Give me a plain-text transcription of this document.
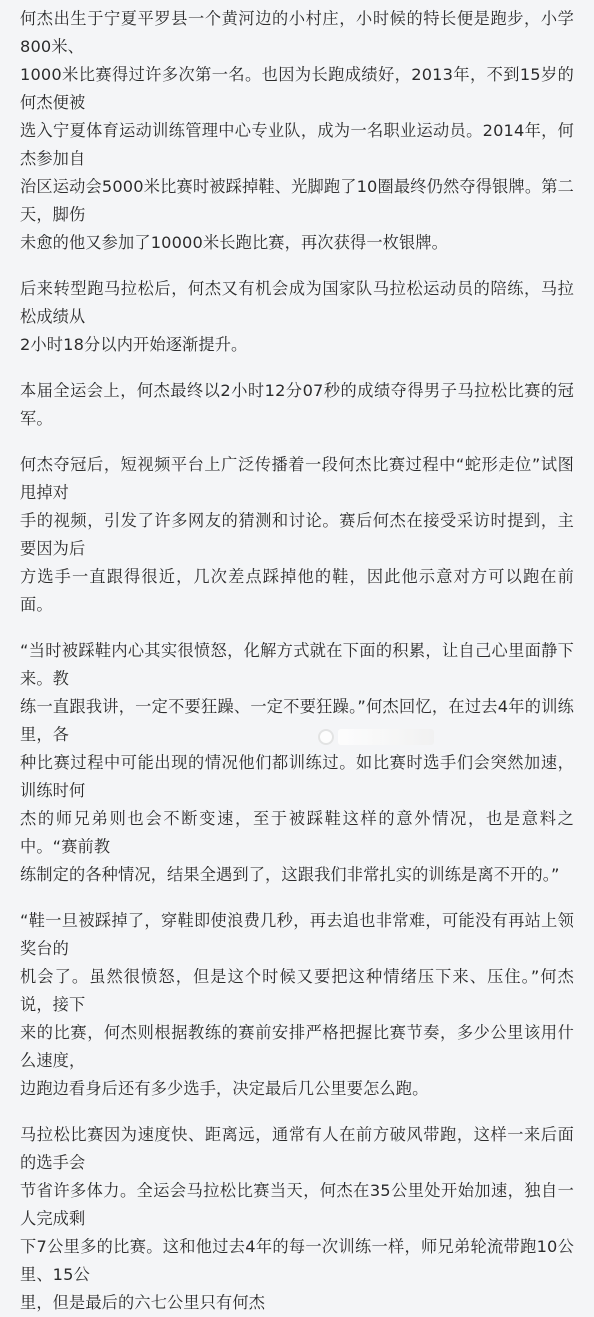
何杰出生于宁夏平罗县一个黄河边的小村庄，小时候的特长便是跑步，小学800米、
1000米比赛得过许多次第一名。也因为长跑成绩好，2013年，不到15岁的何杰便被
选入宁夏体育运动训练管理中心专业队，成为一名职业运动员。2014年，何杰参加自
治区运动会5000米比赛时被踩掉鞋、光脚跑了10圈最终仍然夺得银牌。第二天，脚伤
未愈的他又参加了10000米长跑比赛，再次获得一枚银牌。

后来转型跑马拉松后，何杰又有机会成为国家队马拉松运动员的陪练，马拉松成绩从
2小时18分以内开始逐渐提升。

本届全运会上，何杰最终以2小时12分07秒的成绩夺得男子马拉松比赛的冠军。

何杰夺冠后，短视频平台上广泛传播着一段何杰比赛过程中“蛇形走位”试图甩掉对
手的视频，引发了许多网友的猜测和讨论。赛后何杰在接受采访时提到，主要因为后
方选手一直跟得很近，几次差点踩掉他的鞋，因此他示意对方可以跑在前面。

“当时被踩鞋内心其实很愤怒，化解方式就在下面的积累，让自己心里面静下来。教
练一直跟我讲，一定不要狂躁、一定不要狂躁。”何杰回忆，在过去4年的训练里，各
种比赛过程中可能出现的情况他们都训练过。如比赛时选手们会突然加速，训练时何
杰的师兄弟则也会不断变速，至于被踩鞋这样的意外情况，也是意料之中。“赛前教
练制定的各种情况，结果全遇到了，这跟我们非常扎实的训练是离不开的。”

“鞋一旦被踩掉了，穿鞋即使浪费几秒，再去追也非常难，可能没有再站上领奖台的
机会了。虽然很愤怒，但是这个时候又要把这种情绪压下来、压住。”何杰说，接下
来的比赛，何杰则根据教练的赛前安排严格把握比赛节奏，多少公里该用什么速度，
边跑边看身后还有多少选手，决定最后几公里要怎么跑。

马拉松比赛因为速度快、距离远，通常有人在前方破风带跑，这样一来后面的选手会
节省许多体力。全运会马拉松比赛当天，何杰在35公里处开始加速，独自一人完成剩
下7公里多的比赛。这和他过去4年的每一次训练一样，师兄弟轮流带跑10公里、15公
里，但是最后的六七公里只有何杰
